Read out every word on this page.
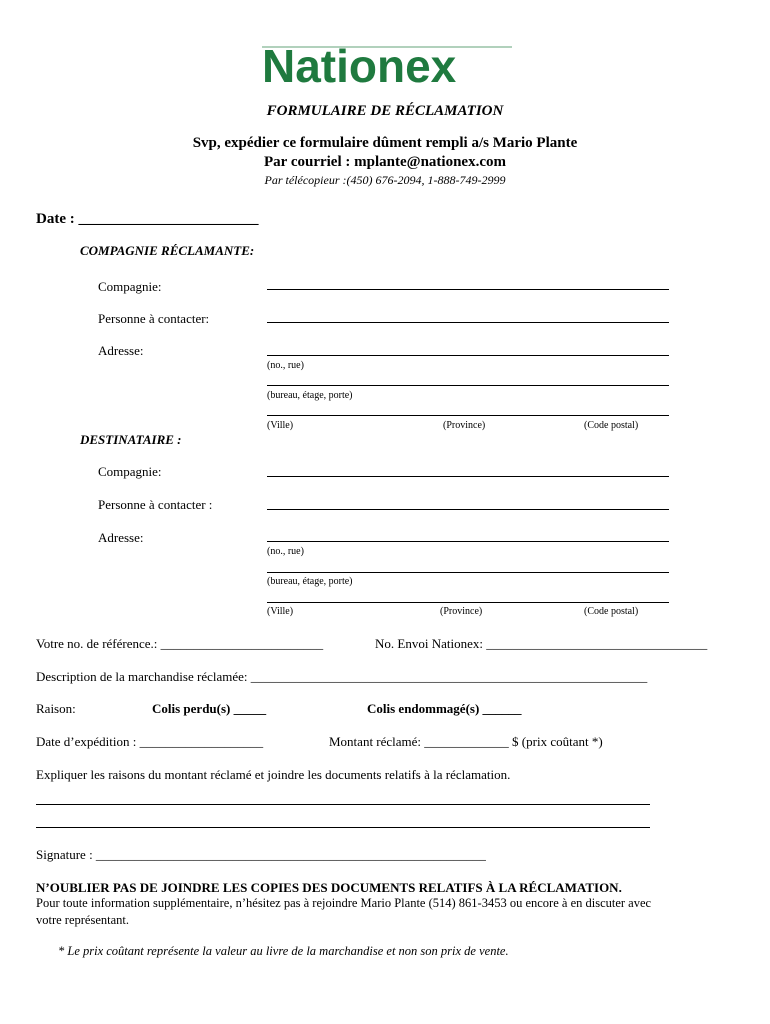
Nationex
FORMULAIRE DE RÉCLAMATION
Svp, expédier ce formulaire dûment rempli a/s Mario Plante
Par courriel : mplante@nationex.com
Par télécopieur :(450) 676-2094, 1-888-749-2999
Date : ________________________
COMPAGNIE RÉCLAMANTE:
Compagnie:
Personne à contacter:
Adresse:
(no., rue)
(bureau, étage, porte)
(Ville)	(Province)	(Code postal)
DESTINATAIRE :
Compagnie:
Personne à contacter :
Adresse:
(no., rue)
(bureau, étage, porte)
(Ville)	(Province)	(Code postal)
Votre no. de référence.: _________________________	No. Envoi Nationex: __________________________________
Description de la marchandise réclamée: _____________________________________________________________
Raison:	Colis perdu(s) _____	Colis endommagé(s) ______
Date d’expédition : ___________________	Montant réclamé: _____________ $ (prix coûtant *)
Expliquer les raisons du montant réclamé et joindre les documents relatifs à la réclamation.
Signature : ____________________________________________________________
N’OUBLIER PAS DE JOINDRE LES COPIES DES DOCUMENTS RELATIFS À LA RÉCLAMATION.
Pour toute information supplémentaire, n’hésitez pas à rejoindre Mario Plante (514) 861-3453 ou encore à en discuter avec
votre représentant.
* Le prix coûtant représente la valeur au livre de la marchandise et non son prix de vente.
